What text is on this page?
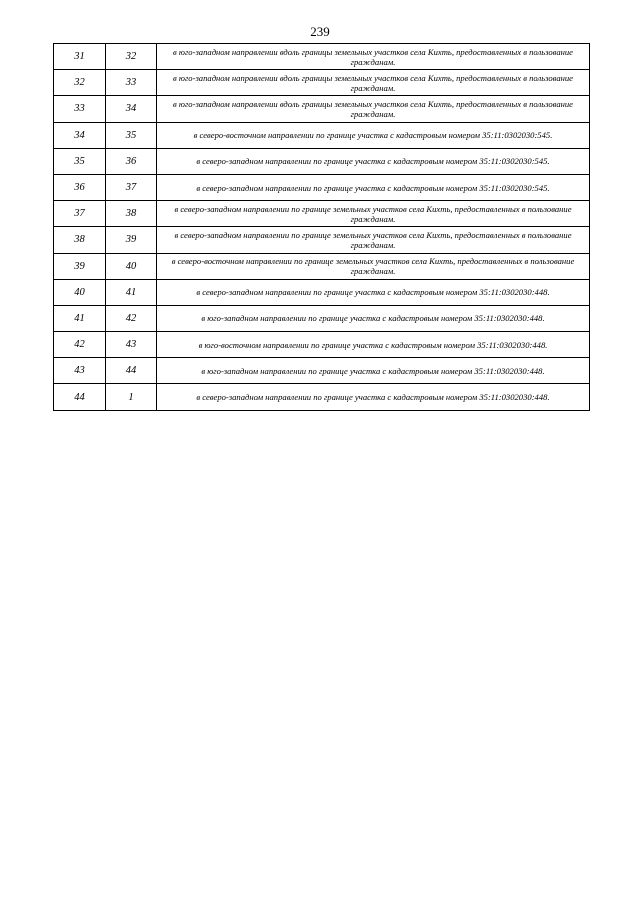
239
31	32	в юго-западном направлении вдоль границы земельных участков села Кихть, предоставленных в пользование гражданам.
32	33	в юго-западном направлении вдоль границы земельных участков села Кихть, предоставленных в пользование гражданам.
33	34	в юго-западном направлении вдоль границы земельных участков села Кихть, предоставленных в пользование гражданам.
34	35	в северо-восточном направлении по границе участка с кадастровым номером 35:11:0302030:545.
35	36	в северо-западном направлении по границе участка с кадастровым номером 35:11:0302030:545.
36	37	в северо-западном направлении по границе участка с кадастровым номером 35:11:0302030:545.
37	38	в северо-западном направлении по границе земельных участков села Кихть, предоставленных в пользование гражданам.
38	39	в северо-западном направлении по границе земельных участков села Кихть, предоставленных в пользование гражданам.
39	40	в северо-восточном направлении по границе земельных участков села Кихть, предоставленных в пользование гражданам.
40	41	в северо-западном направлении по границе участка с кадастровым номером 35:11:0302030:448.
41	42	в юго-западном направлении по границе участка с кадастровым номером 35:11:0302030:448.
42	43	в юго-восточном направлении по границе участка с кадастровым номером 35:11:0302030:448.
43	44	в юго-западном направлении по границе участка с кадастровым номером 35:11:0302030:448.
44	1	в северо-западном направлении по границе участка с кадастровым номером 35:11:0302030:448.
